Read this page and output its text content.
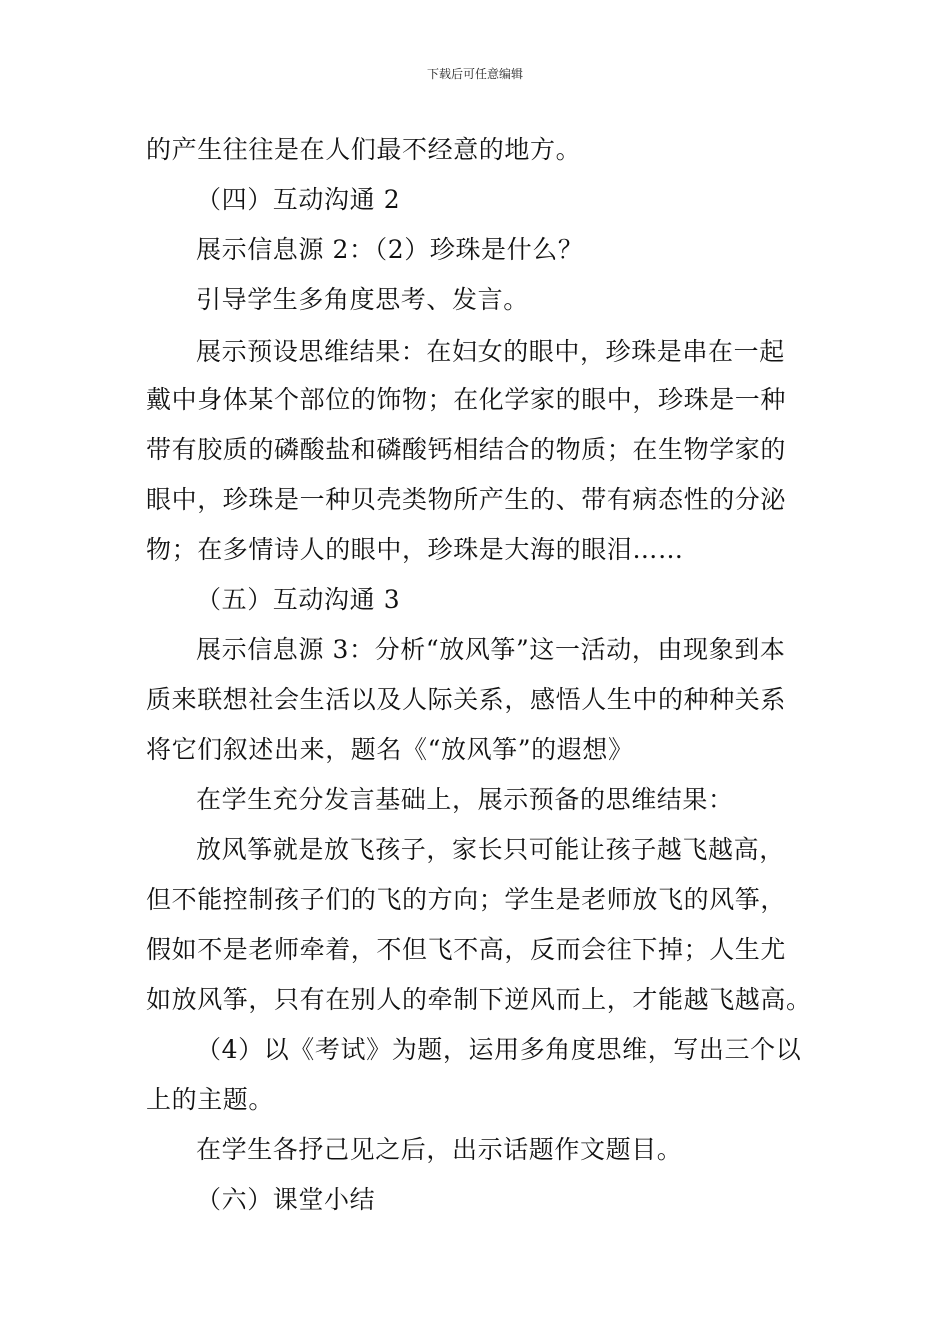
下载后可任意编辑
的产生往往是在人们最不经意的地方。
（四）互动沟通 2
展示信息源 2：（2）珍珠是什么？
引导学生多角度思考、发言。
展示预设思维结果：在妇女的眼中，珍珠是串在一起
戴中身体某个部位的饰物；在化学家的眼中，珍珠是一种
带有胶质的磷酸盐和磷酸钙相结合的物质；在生物学家的
眼中，珍珠是一种贝壳类物所产生的、带有病态性的分泌
物；在多情诗人的眼中，珍珠是大海的眼泪……
（五）互动沟通 3
展示信息源 3：分析“放风筝”这一活动，由现象到本
质来联想社会生活以及人际关系，感悟人生中的种种关系
将它们叙述出来，题名《“放风筝”的遐想》
在学生充分发言基础上，展示预备的思维结果：
放风筝就是放飞孩子，家长只可能让孩子越飞越高，
但不能控制孩子们的飞的方向；学生是老师放飞的风筝，
假如不是老师牵着，不但飞不高，反而会往下掉；人生尤
如放风筝，只有在别人的牵制下逆风而上，才能越飞越高。
（4）以《考试》为题，运用多角度思维，写出三个以
上的主题。
在学生各抒己见之后，出示话题作文题目。
（六）课堂小结
